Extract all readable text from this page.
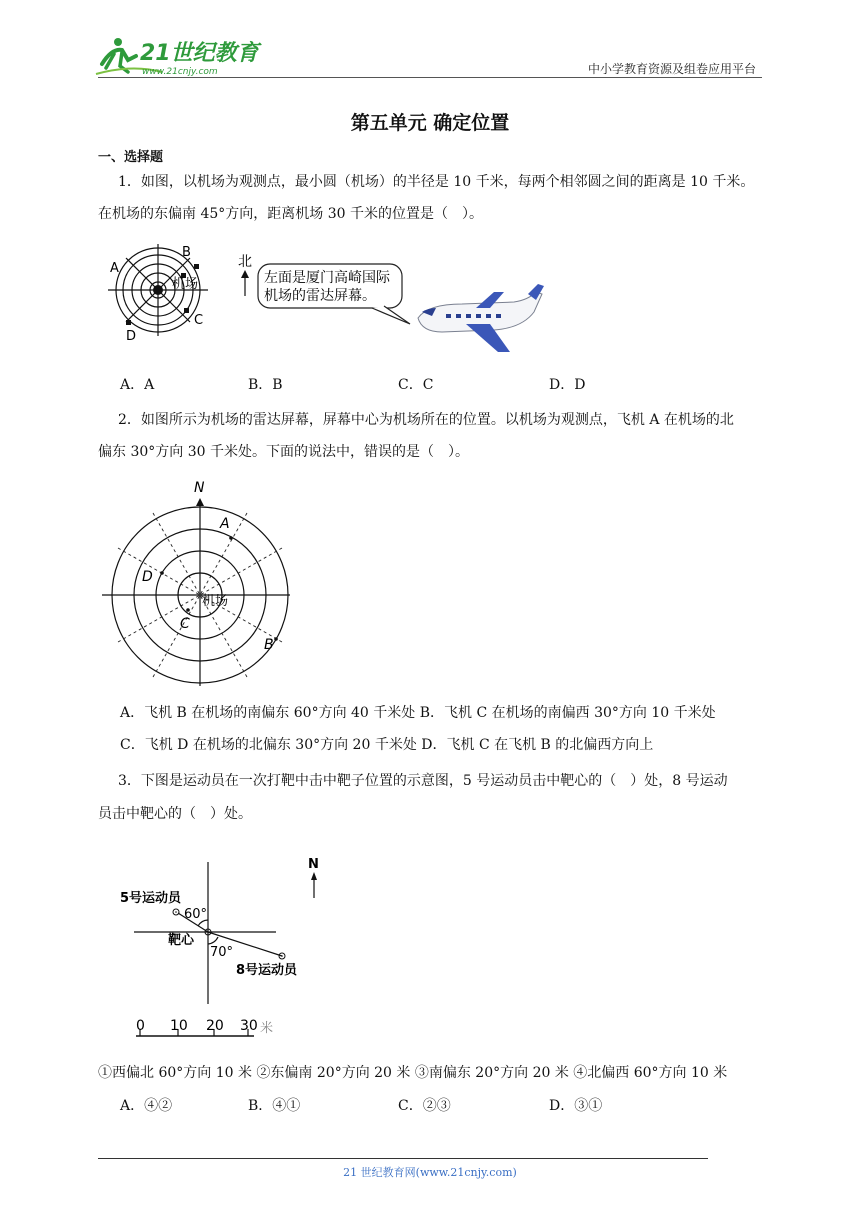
21世纪教育
www.21cnjy.com	中小学教育资源及组卷应用平台
第五单元 确定位置
一、选择题
1．如图，以机场为观测点，最小圆（机场）的半径是 10 千米，每两个相邻圆之间的距离是 10 千米。
在机场的东偏南 45°方向，距离机场 30 千米的位置是（　）。
A
B
C
D
机场
北
左面是厦门高崎国际
机场的雷达屏幕。
A．A	B．B	C．C	D．D
2．如图所示为机场的雷达屏幕，屏幕中心为机场所在的位置。以机场为观测点，飞机 A 在机场的北
偏东 30°方向 30 千米处。下面的说法中，错误的是（　）。
N
A
B
C
D
机场
A．飞机 B 在机场的南偏东 60°方向 40 千米处 B．飞机 C 在机场的南偏西 30°方向 10 千米处
C．飞机 D 在机场的北偏东 30°方向 20 千米处 D．飞机 C 在飞机 B 的北偏西方向上
3．下图是运动员在一次打靶中击中靶子位置的示意图，5 号运动员击中靶心的（　）处，8 号运动
员击中靶心的（　）处。
5号运动员
60°
靶心
70°
8号运动员
N
0 10 20 30 米
①西偏北 60°方向 10 米 ②东偏南 20°方向 20 米 ③南偏东 20°方向 20 米 ④北偏西 60°方向 10 米
A．④②	B．④①	C．②③	D．③①
21 世纪教育网(www.21cnjy.com)
